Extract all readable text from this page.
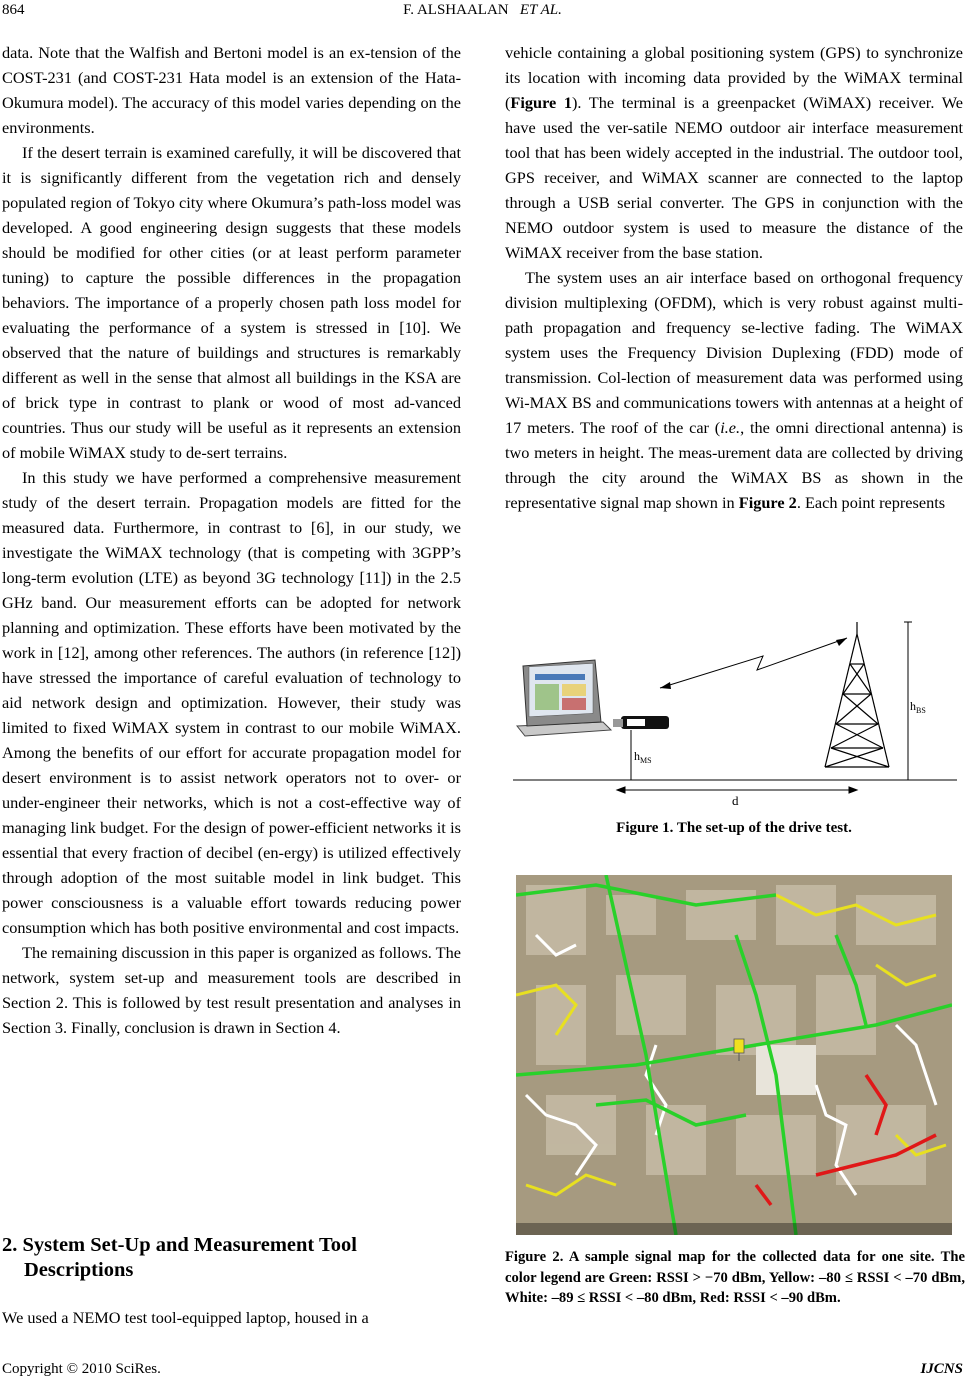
864	F. ALSHAALAN ET AL.

data. Note that the Walfish and Bertoni model is an ex-tension of the COST-231 (and COST-231 Hata model is an extension of the Hata-Okumura model). The accuracy of this model varies depending on the environments.

If the desert terrain is examined carefully, it will be discovered that it is significantly different from the vegetation rich and densely populated region of Tokyo city where Okumura’s path-loss model was developed. A good engineering design suggests that these models should be modified for other cities (or at least perform parameter tuning) to capture the possible differences in the propagation behaviors. The importance of a properly chosen path loss model for evaluating the performance of a system is stressed in [10]. We observed that the nature of buildings and structures is remarkably different as well in the sense that almost all buildings in the KSA are of brick type in contrast to plank or wood of most ad-vanced countries. Thus our study will be useful as it represents an extension of mobile WiMAX study to de-sert terrains.

In this study we have performed a comprehensive measurement study of the desert terrain. Propagation models are fitted for the measured data. Furthermore, in contrast to [6], in our study, we investigate the WiMAX technology (that is competing with 3GPP’s long-term evolution (LTE) as beyond 3G technology [11]) in the 2.5 GHz band. Our measurement efforts can be adopted for network planning and optimization. These efforts have been motivated by the work in [12], among other references. The authors (in reference [12]) have stressed the importance of careful evaluation of technology to aid network design and optimization. However, their study was limited to fixed WiMAX system in contrast to our mobile WiMAX. Among the benefits of our effort for accurate propagation model for desert environment is to assist network operators not to over- or under-engineer their networks, which is not a cost-effective way of managing link budget. For the design of power-efficient networks it is essential that every fraction of decibel (en-ergy) is utilized effectively through adoption of the most suitable model in link budget. This power consciousness is a valuable effort towards reducing power consumption which has both positive environmental and cost impacts.

The remaining discussion in this paper is organized as follows. The network, system set-up and measurement tools are described in Section 2. This is followed by test result presentation and analyses in Section 3. Finally, conclusion is drawn in Section 4.

2. System Set-Up and Measurement Tool
Descriptions
We used a NEMO test tool-equipped laptop, housed in a

vehicle containing a global positioning system (GPS) to synchronize its location with incoming data provided by the WiMAX terminal (Figure 1). The terminal is a greenpacket (WiMAX) receiver. We have used the ver-satile NEMO outdoor air interface measurement tool that has been widely accepted in the industrial. The outdoor tool, GPS receiver, and WiMAX scanner are connected to the laptop through a USB serial converter. The GPS in conjunction with the NEMO outdoor system is used to measure the distance of the WiMAX receiver from the base station.

The system uses an air interface based on orthogonal frequency division multiplexing (OFDM), which is very robust against multi-path propagation and frequency se-lective fading. The WiMAX system uses the Frequency Division Duplexing (FDD) mode of transmission. Col-lection of measurement data was performed using Wi-MAX BS and communications towers with antennas at a height of 17 meters. The roof of the car (i.e., the omni directional antenna) is two meters in height. The meas-urement data are collected by driving through the city around the WiMAX BS as shown in the representative signal map shown in Figure 2. Each point represents

$h_{BS}$
$h_{MS}$
d
Figure 1. The set-up of the drive test.
Figure 2. A sample signal map for the collected data for one site. The color legend are Green: RSSI > −70 dBm, Yellow: –80 ≤ RSSI < –70 dBm, White: –89 ≤ RSSI < –80 dBm, Red: RSSI < –90 dBm.
Copyright © 2010 SciRes.	IJCNS
